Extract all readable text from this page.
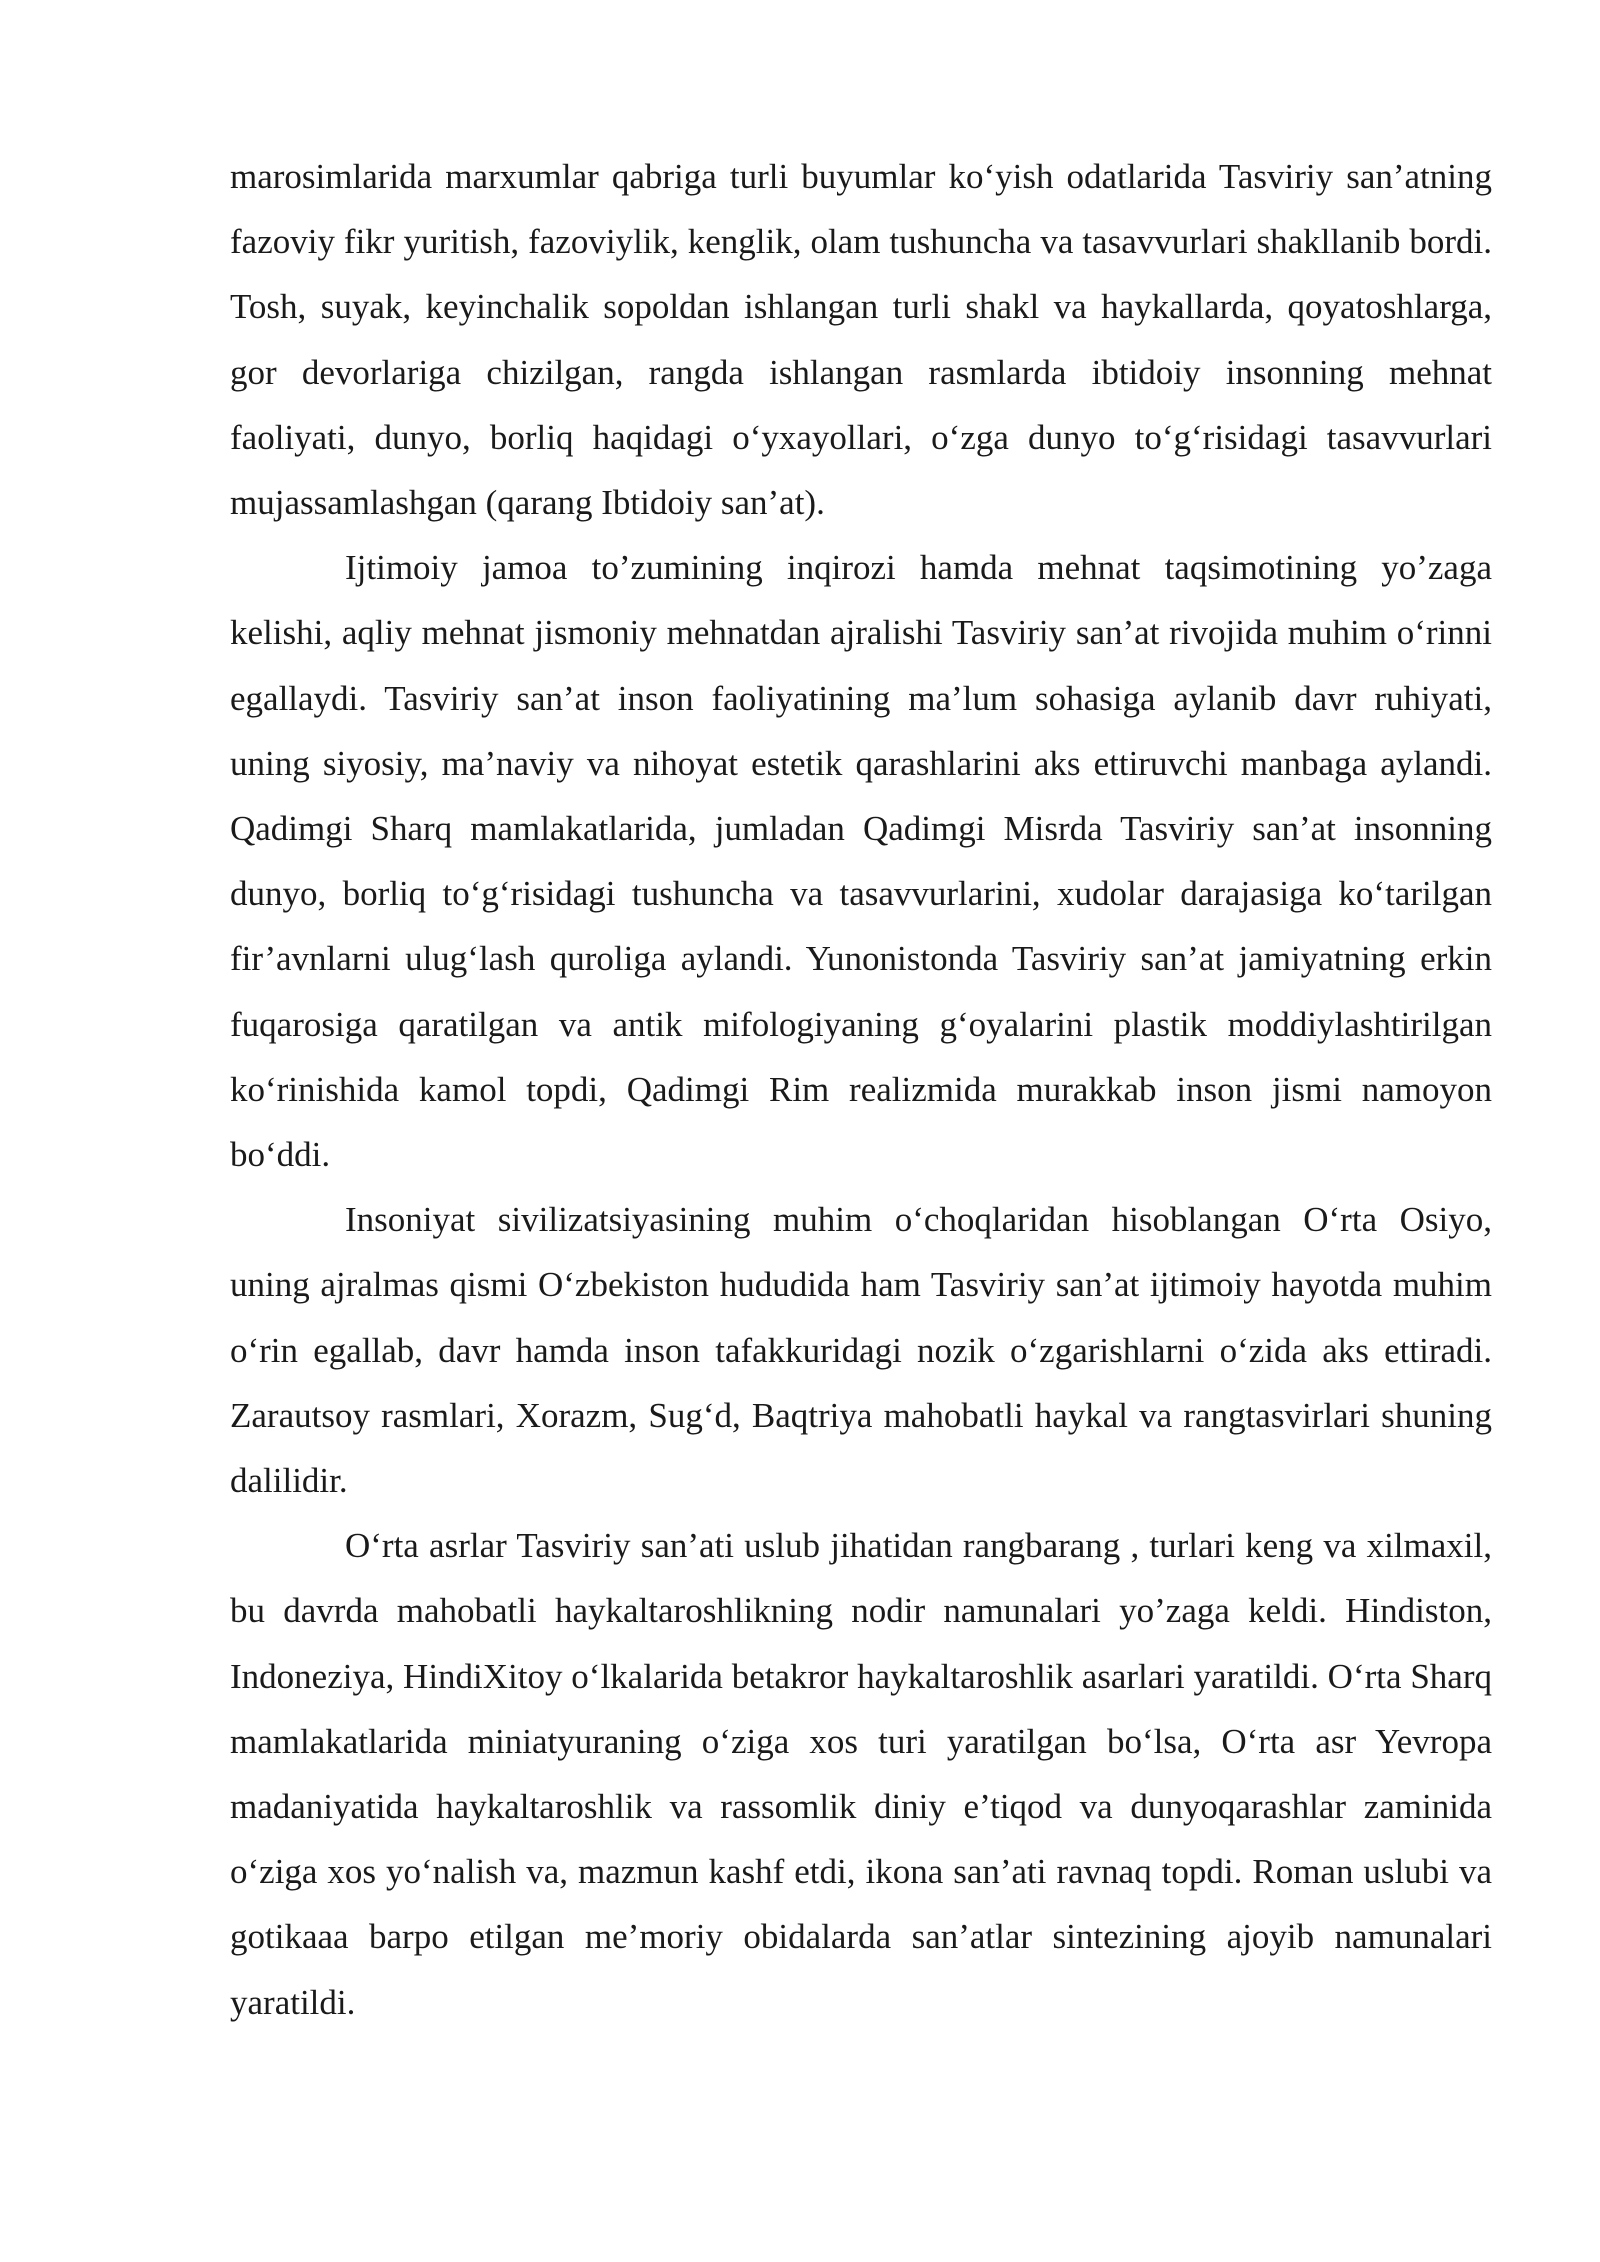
marosimlarida marxumlar qabriga turli buyumlar ko‘yish odatlarida Tasviriy san’atning fazoviy fikr yuritish, fazoviylik, kenglik, olam tushuncha va tasavvurlari shakllanib bordi. Tosh, suyak, keyinchalik sopoldan ishlangan turli shakl va haykallarda, qoyatoshlarga, gor devorlariga chizilgan, rangda ishlangan rasmlarda ibtidoiy insonning mehnat faoliyati, dunyo, borliq haqidagi o‘yxayollari, o‘zga dunyo to‘g‘risidagi tasavvurlari mujassamlashgan (qarang Ibtidoiy san’at).

Ijtimoiy jamoa to’zumining inqirozi hamda mehnat taqsimotining yo’zaga kelishi, aqliy mehnat jismoniy mehnatdan ajralishi Tasviriy san’at rivojida muhim o‘rinni egallaydi. Tasviriy san’at inson faoliyatining ma’lum sohasiga aylanib davr ruhiyati, uning siyosiy, ma’naviy va nihoyat estetik qarashlarini aks ettiruvchi manbaga aylandi. Qadimgi Sharq mamlakatlarida, jumladan Qadimgi Misrda Tasviriy san’at insonning dunyo, borliq to‘g‘risidagi tushuncha va tasavvurlarini, xudolar darajasiga ko‘tarilgan fir’avnlarni ulug‘lash quroliga aylandi. Yunonistonda Tasviriy san’at jamiyatning erkin fuqarosiga qaratilgan va antik mifologiyaning g‘oyalarini plastik moddiylashtirilgan ko‘rinishida kamol topdi, Qadimgi Rim realizmida murakkab inson jismi namoyon bo‘ddi.

Insoniyat sivilizatsiyasining muhim o‘choqlaridan hisoblangan O‘rta Osiyo, uning ajralmas qismi O‘zbekiston hududida ham Tasviriy san’at ijtimoiy hayotda muhim o‘rin egallab, davr hamda inson tafakkuridagi nozik o‘zgarishlarni o‘zida aks ettiradi. Zarautsoy rasmlari, Xorazm, Sug‘d, Baqtriya mahobatli haykal va rangtasvirlari shuning dalilidir.

O‘rta asrlar Tasviriy san’ati uslub jihatidan rangbarang , turlari keng va xilmaxil, bu davrda mahobatli haykaltaroshlikning nodir namunalari yo’zaga keldi. Hindiston, Indoneziya, HindiXitoy o‘lkalarida betakror haykaltaroshlik asarlari yaratildi. O‘rta Sharq mamlakatlarida miniatyuraning o‘ziga xos turi yaratilgan bo‘lsa, O‘rta asr Yevropa madaniyatida haykaltaroshlik va rassomlik diniy e’tiqod va dunyoqarashlar zaminida o‘ziga xos yo‘nalish va, mazmun kashf etdi, ikona san’ati ravnaq topdi. Roman uslubi va gotikaaa barpo etilgan me’moriy obidalarda san’atlar sintezining ajoyib namunalari yaratildi.
